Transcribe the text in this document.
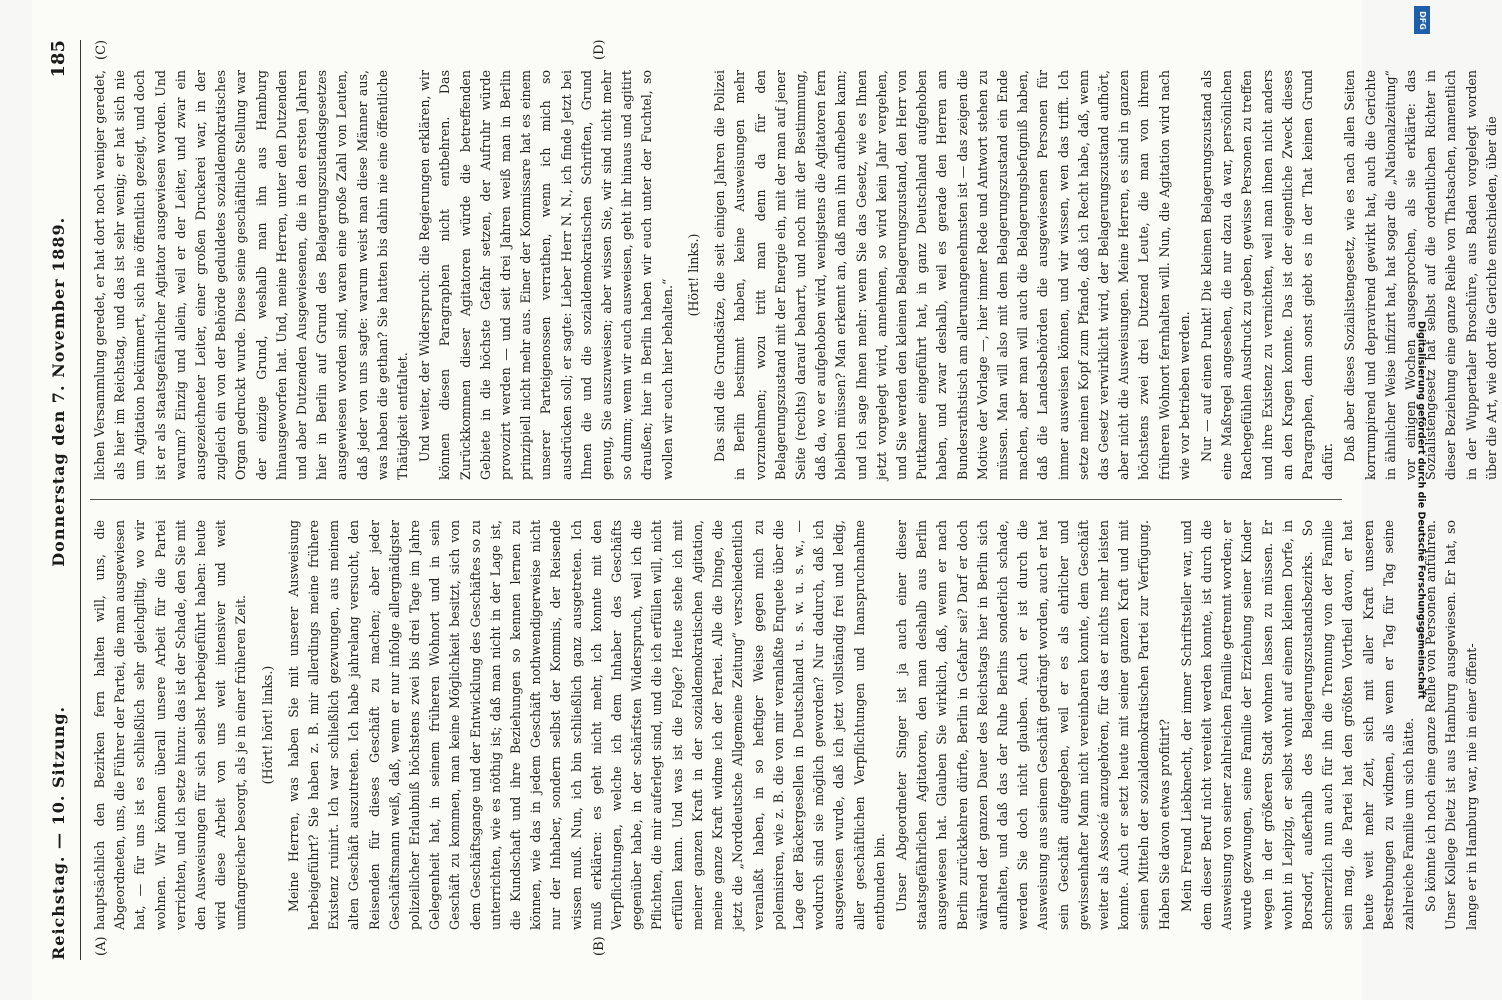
Reichstag. — 10. Sitzung.
Donnerstag den 7. November 1889.
185
(A)	(B)
(C)	(D)

hauptsächlich den Bezirken fern halten will, uns, die Abgeordneten, uns, die Führer der Partei, die man ausgewiesen hat, — für uns ist es schließlich sehr gleichgiltig, wo wir wohnen. Wir können überall unsere Arbeit für die Partei verrichten, und ich setze hinzu: das ist der Schade, den Sie mit den Ausweisungen für sich selbst herbeigeführt haben: heute wird diese Arbeit von uns weit intensiver und weit umfangreicher besorgt, als je in einer früheren Zeit. (Hört! hört! links.) Meine Herren, was haben Sie mit unserer Ausweisung herbeigeführt? Sie haben z. B. mir allerdings meine frühere Existenz ruinirt. Ich war schließlich gezwungen, aus meinem alten Geschäft auszutreten. Ich habe jahrelang versucht, den Reisenden für dieses Geschäft zu machen; aber jeder Geschäftsmann weiß, daß, wenn er nur infolge allergnädigster polizeilicher Erlaubniß höchstens zwei bis drei Tage im Jahre Gelegenheit hat, in seinem früheren Wohnort und in sein Geschäft zu kommen, man keine Möglichkeit besitzt, sich von dem Geschäftsgange und der Entwicklung des Geschäftes so zu unterrichten, wie es nöthig ist; daß man nicht in der Lage ist, die Kundschaft und ihre Beziehungen so kennen lernen zu können, wie das in jedem Geschäft nothwendigerweise nicht nur der Inhaber, sondern selbst der Kommis, der Reisende wissen muß. Nun, ich bin schließlich ganz ausgetreten. Ich muß erklären: es geht nicht mehr, ich konnte mit den Verpflichtungen, welche ich dem Inhaber des Geschäfts gegenüber habe, in der schärfsten Widerspruch, weil ich die Pflichten, die mir auferlegt sind, und die ich erfüllen will, nicht erfüllen kann. Und was ist die Folge? Heute stehe ich mit meiner ganzen Kraft in der sozialdemokratischen Agitation, meine ganze Kraft widme ich der Partei. Alle die Dinge, die jetzt die „Norddeutsche Allgemeine Zeitung“ verschiedentlich veranlaßt haben, in so heftiger Weise gegen mich zu polemisiren, wie z. B. die von mir veranlaßte Enquete über die Lage der Bäckergesellen in Deutschland u. s. w. u. s. w., — wodurch sind sie möglich geworden? Nur dadurch, daß ich ausgewiesen wurde, daß ich jetzt vollständig frei und ledig, aller geschäftlichen Verpflichtungen und Inanspruchnahme entbunden bin. Unser Abgeordneter Singer ist ja auch einer dieser staatsgefährlichen Agitatoren, den man deshalb aus Berlin ausgewiesen hat. Glauben Sie wirklich, daß, wenn er nach Berlin zurückkehren dürfte, Berlin in Gefahr sei? Darf er doch während der ganzen Dauer des Reichstags hier in Berlin sich aufhalten, und daß das der Ruhe Berlins sonderlich schade, werden Sie doch nicht glauben. Auch er ist durch die Ausweisung aus seinem Geschäft gedrängt worden, auch er hat sein Geschäft aufgegeben, weil er es als ehrlicher und gewissenhafter Mann nicht vereinbaren konnte, dem Geschäft weiter als Associé anzugehören, für das er nichts mehr leisten konnte. Auch er setzt heute mit seiner ganzen Kraft und mit seinen Mitteln der sozialdemokratischen Partei zur Verfügung. Haben Sie davon etwas profitirt? Mein Freund Liebknecht, der immer Schriftsteller war, und dem dieser Beruf nicht vereitelt werden konnte, ist durch die Ausweisung von seiner zahlreichen Familie getrennt worden; er wurde gezwungen, seine Familie der Erziehung seiner Kinder wegen in der größeren Stadt wohnen lassen zu müssen. Er wohnt in Leipzig, er selbst wohnt auf einem kleinen Dorfe, in Borsdorf, außerhalb des Belagerungszustandsbezirks. So schmerzlich nun auch für ihn die Trennung von der Familie sein mag, die Partei hat den größten Vortheil davon, er hat heute weit mehr Zeit, sich mit aller Kraft unseren Bestrebungen zu widmen, als wenn er Tag für Tag seine zahlreiche Familie um sich hätte. So könnte ich noch eine ganze Reihe von Personen anführen. Unser Kollege Dietz ist aus Hamburg ausgewiesen. Er hat, so lange er in Hamburg war, nie in einer öffent-

lichen Versammlung geredet, er hat dort noch weniger geredet, als hier im Reichstag, und das ist sehr wenig; er hat sich nie um Agitation bekümmert, sich nie öffentlich gezeigt, und doch ist er als staatsgefährlicher Agitator ausgewiesen worden. Und warum? Einzig und allein, weil er der Leiter, und zwar ein ausgezeichneter Leiter, einer großen Druckerei war, in der zugleich ein von der Behörde geduldetes sozialdemokratisches Organ gedruckt wurde. Diese seine geschäftliche Stellung war der einzige Grund, weshalb man ihn aus Hamburg hinausgeworfen hat. Und, meine Herren, unter den Dutzenden und aber Dutzenden Ausgewiesenen, die in den ersten Jahren hier in Berlin auf Grund des Belagerungszustandsgesetzes ausgewiesen worden sind, waren eine große Zahl von Leuten, daß jeder von uns sagte: warum weist man diese Männer aus, was haben die gethan? Sie hatten bis dahin nie eine öffentliche Thätigkeit entfaltet. Und weiter, der Widerspruch: die Regierungen erklären, wir können diesen Paragraphen nicht entbehren. Das Zurückkommen dieser Agitatoren würde die betreffenden Gebiete in die höchste Gefahr setzen, der Aufruhr würde provozirt werden — und seit drei Jahren weiß man in Berlin prinzipiell nicht mehr aus. Einer der Kommissare hat es einem unserer Parteigenossen verrathen, wenn ich mich so ausdrücken soll; er sagte: Lieber Herr N. N., ich finde Jetzt bei Ihnen die und die sozialdemokratischen Schriften, Grund genug, Sie auszuweisen; aber wissen Sie, wir sind nicht mehr so dumm; wenn wir euch ausweisen, geht ihr hinaus und agitirt draußen; hier in Berlin haben wir euch unter der Fuchtel, so wollen wir euch hier behalten.“

(Hört! links.) Das sind die Grundsätze, die seit einigen Jahren die Polizei in Berlin bestimmt haben, keine Ausweisungen mehr vorzunehmen; wozu tritt man denn da für den Belagerungszustand mit der Energie ein, mit der man auf jener Seite (rechts) darauf beharrt, und noch mit der Bestimmung, daß da, wo er aufgehoben wird, wenigstens die Agitatoren fern bleiben müssen? Man erkennt an, daß man ihn aufheben kann; und ich sage Ihnen mehr: wenn Sie das Gesetz, wie es Ihnen jetzt vorgelegt wird, annehmen, so wird kein Jahr vergehen, und Sie werden den kleinen Belagerungszustand, den Herr von Puttkamer eingeführt hat, in ganz Deutschland aufgehoben haben, und zwar deshalb, weil es gerade den Herren am Bundesrathstisch am allerunangenehmsten ist — das zeigen die Motive der Vorlage —, hier immer Rede und Antwort stehen zu müssen. Man will also mit dem Belagerungszustand ein Ende machen, aber man will auch die Belagerungsbefugniß haben, daß die Landesbehörden die ausgewiesenen Personen für immer ausweisen können, und wir wissen, wen das trifft. Ich setze meinen Kopf zum Pfande, daß ich Recht habe, daß, wenn das Gesetz verwirklicht wird, der Belagerungszustand aufhört, aber nicht die Ausweisungen. Meine Herren, es sind in ganzen höchstens zwei drei Dutzend Leute, die man von ihrem früheren Wohnort fernhalten will. Nun, die Agitation wird nach wie vor betrieben werden. Nur — auf einen Punkt! Die kleinen Belagerungszustand als eine Maßregel angesehen, die nur dazu da war, persönlichen Rachegefühlen Ausdruck zu geben, gewisse Personen zu treffen und ihre Existenz zu vernichten, weil man ihnen nicht anders an den Kragen konnte. Das ist der eigentliche Zweck dieses Paragraphen, denn sonst giebt es in der That keinen Grund dafür. Daß aber dieses Sozialistengesetz, wie es nach allen Seiten korrumpirend und depravirend gewirkt hat, auch die Gerichte in ähnlicher Weise infizirt hat, hat sogar die „Nationalzeitung“ vor einigen Wochen ausgesprochen, als sie erklärte: das Sozialistengesetz hat selbst auf die ordentlichen Richter in dieser Beziehung eine ganze Reihe von Thatsachen, namentlich in der Wuppertaler Broschüre, aus Baden vorgelegt worden über die Art, wie dort die Gerichte entschieden, über die

DFG
Digitalisierung gefördert durch die Deutsche Forschungsgemeinschaft
